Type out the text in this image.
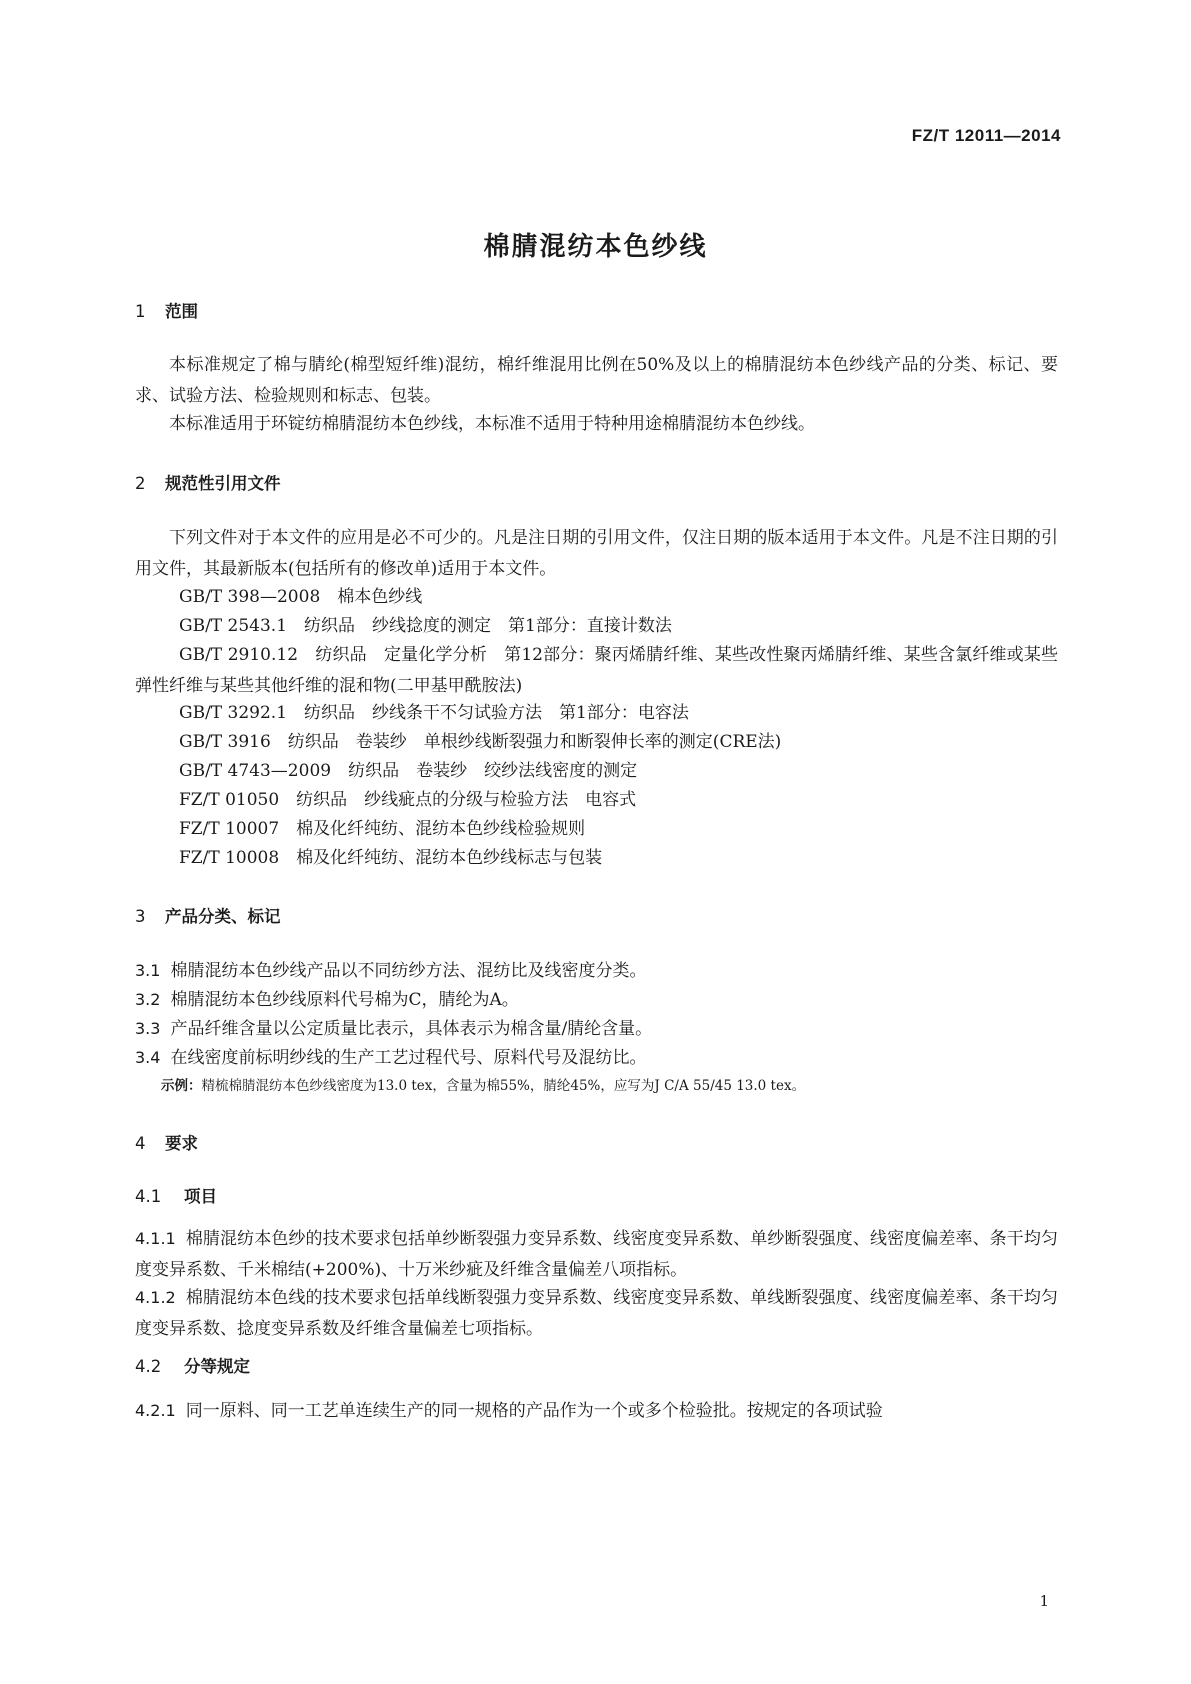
FZ/T 12011—2014
棉腈混纺本色纱线
1 范围
本标准规定了棉与腈纶(棉型短纤维)混纺，棉纤维混用比例在50%及以上的棉腈混纺本色纱线产品的分类、标记、要求、试验方法、检验规则和标志、包装。
本标准适用于环锭纺棉腈混纺本色纱线，本标准不适用于特种用途棉腈混纺本色纱线。
2 规范性引用文件
下列文件对于本文件的应用是必不可少的。凡是注日期的引用文件，仅注日期的版本适用于本文件。凡是不注日期的引用文件，其最新版本(包括所有的修改单)适用于本文件。
GB/T 398—2008　棉本色纱线
GB/T 2543.1　纺织品　纱线捻度的测定　第1部分：直接计数法
GB/T 2910.12　纺织品　定量化学分析　第12部分：聚丙烯腈纤维、某些改性聚丙烯腈纤维、某些含氯纤维或某些弹性纤维与某些其他纤维的混和物(二甲基甲酰胺法)
GB/T 3292.1　纺织品　纱线条干不匀试验方法　第1部分：电容法
GB/T 3916　纺织品　卷装纱　单根纱线断裂强力和断裂伸长率的测定(CRE法)
GB/T 4743—2009　纺织品　卷装纱　绞纱法线密度的测定
FZ/T 01050　纺织品　纱线疵点的分级与检验方法　电容式
FZ/T 10007　棉及化纤纯纺、混纺本色纱线检验规则
FZ/T 10008　棉及化纤纯纺、混纺本色纱线标志与包装
3 产品分类、标记
3.1 棉腈混纺本色纱线产品以不同纺纱方法、混纺比及线密度分类。
3.2 棉腈混纺本色纱线原料代号棉为C，腈纶为A。
3.3 产品纤维含量以公定质量比表示，具体表示为棉含量/腈纶含量。
3.4 在线密度前标明纱线的生产工艺过程代号、原料代号及混纺比。
示例：精梳棉腈混纺本色纱线密度为13.0 tex，含量为棉55%，腈纶45%，应写为J C/A 55/45 13.0 tex。
4 要求
4.1 项目
4.1.1 棉腈混纺本色纱的技术要求包括单纱断裂强力变异系数、线密度变异系数、单纱断裂强度、线密度偏差率、条干均匀度变异系数、千米棉结(+200%)、十万米纱疵及纤维含量偏差八项指标。
4.1.2 棉腈混纺本色线的技术要求包括单线断裂强力变异系数、线密度变异系数、单线断裂强度、线密度偏差率、条干均匀度变异系数、捻度变异系数及纤维含量偏差七项指标。
4.2 分等规定
4.2.1 同一原料、同一工艺单连续生产的同一规格的产品作为一个或多个检验批。按规定的各项试验
1
